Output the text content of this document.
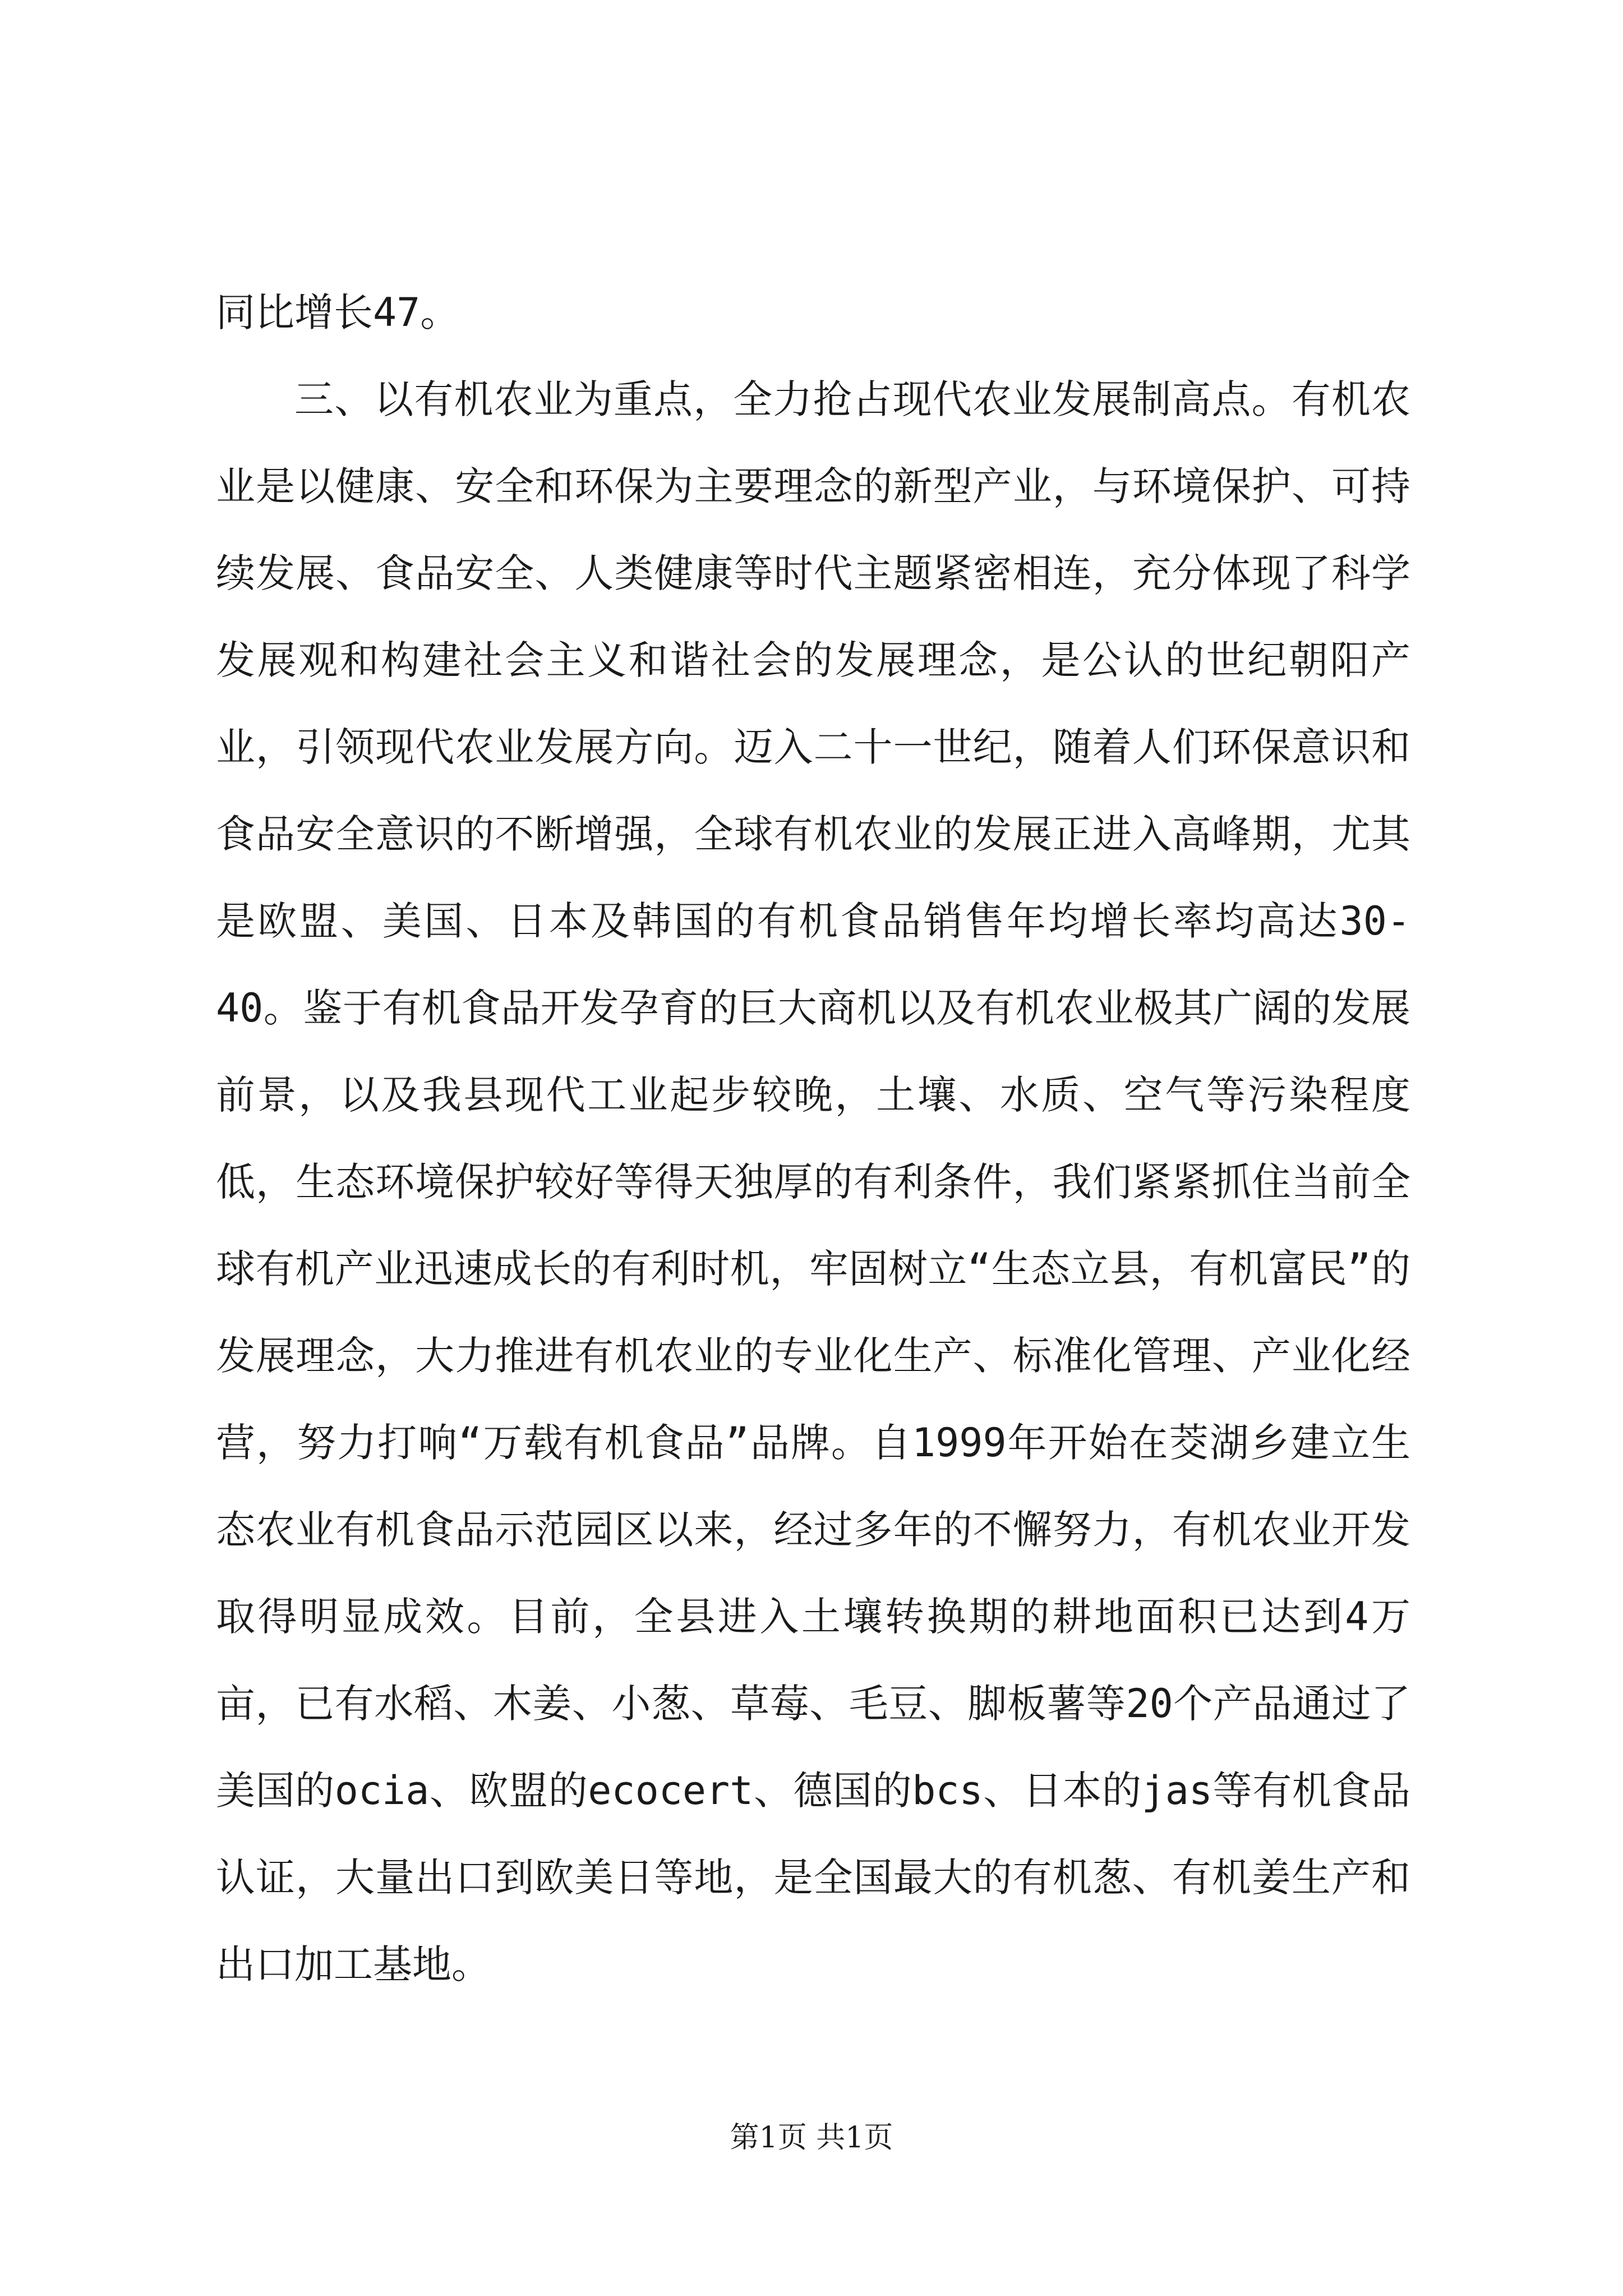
同比增长47。

三、以有机农业为重点，全力抢占现代农业发展制高点。有机农业是以健康、安全和环保为主要理念的新型产业，与环境保护、可持续发展、食品安全、人类健康等时代主题紧密相连，充分体现了科学发展观和构建社会主义和谐社会的发展理念，是公认的世纪朝阳产业，引领现代农业发展方向。迈入二十一世纪，随着人们环保意识和食品安全意识的不断增强，全球有机农业的发展正进入高峰期，尤其是欧盟、美国、日本及韩国的有机食品销售年均增长率均高达30-40。鉴于有机食品开发孕育的巨大商机以及有机农业极其广阔的发展前景，以及我县现代工业起步较晚，土壤、水质、空气等污染程度低，生态环境保护较好等得天独厚的有利条件，我们紧紧抓住当前全球有机产业迅速成长的有利时机，牢固树立“生态立县，有机富民”的发展理念，大力推进有机农业的专业化生产、标准化管理、产业化经营，努力打响“万载有机食品”品牌。自1999年开始在茭湖乡建立生态农业有机食品示范园区以来，经过多年的不懈努力，有机农业开发取得明显成效。目前，全县进入土壤转换期的耕地面积已达到4万亩，已有水稻、木姜、小葱、草莓、毛豆、脚板薯等20个产品通过了美国的ocia、欧盟的ecocert、德国的bcs、日本的jas等有机食品认证，大量出口到欧美日等地，是全国最大的有机葱、有机姜生产和出口加工基地。

第1页 共1页
